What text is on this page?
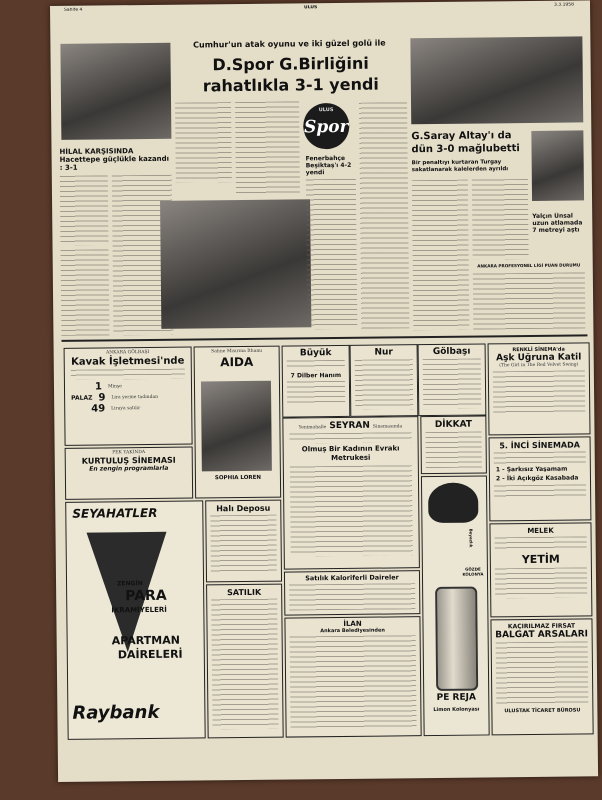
Sahife 4	ULUS
3.3.1958
HİLAL KARŞISINDA Hacettepe güçlükle kazandı : 3-1
Cumhur'un atak oyunu ve iki güzel golü ile
D.Spor G.Birliğini rahatlıkla 3-1 yendi
ULUS
Spor
Fenerbahçe Beşiktaş'ı 4-2 yendi
G.Saray Altay'ı da dün 3-0 mağlubetti
Bir penaltıyı kurtaran Turgay sakatlanarak kalelerden ayrıldı
Yalçın Ünsal uzun atlamada 7 metreyi aştı
ANKARA PROFESYONEL LİGİ PUAN DURUMU
ANKARA GÖLBAŞI
Kavak İşletmesi'nde
1 Minşe
PALAZ 9 Lira yerine tadından
49 Liraya satılır
PEK YAKINDA
KURTULUŞ SİNEMASI
En zengin programlarla
Sahne Mısırına İthamı
AIDA
SOPHIA LOREN
Büyük
7 Dilber Hanım
Nur	Gölbaşı	RENKLİ SİNEMA'da
Aşk Uğruna Katil
(The Girl in The Red Velvet Swing)
Yenimahalle SEYRAN Sinemasında
Olmuş Bir Kadının Evrakı Metrukesi
DİKKAT
5. İNCİ SİNEMADA
1 - Şarkısız Yaşamam
2 - İki Açıkgöz Kasabada
SEYAHATLER
ZENGİN
PARA
İKRAMİYELERİ
APARTMAN
DAİRELERİ
Raybank
Halı Deposu
SATILIK
Satılık Kaloriferli Daireler
İLAN
Ankara Belediyesinden
Beyazlık
GÖZDE KOLONYA
PE REJA
Limon Kolonyası
MELEK
YETİM
KAÇIRILMAZ FIRSAT
BALGAT ARSALARI
ULUSTAK TİCARET BÜROSU
